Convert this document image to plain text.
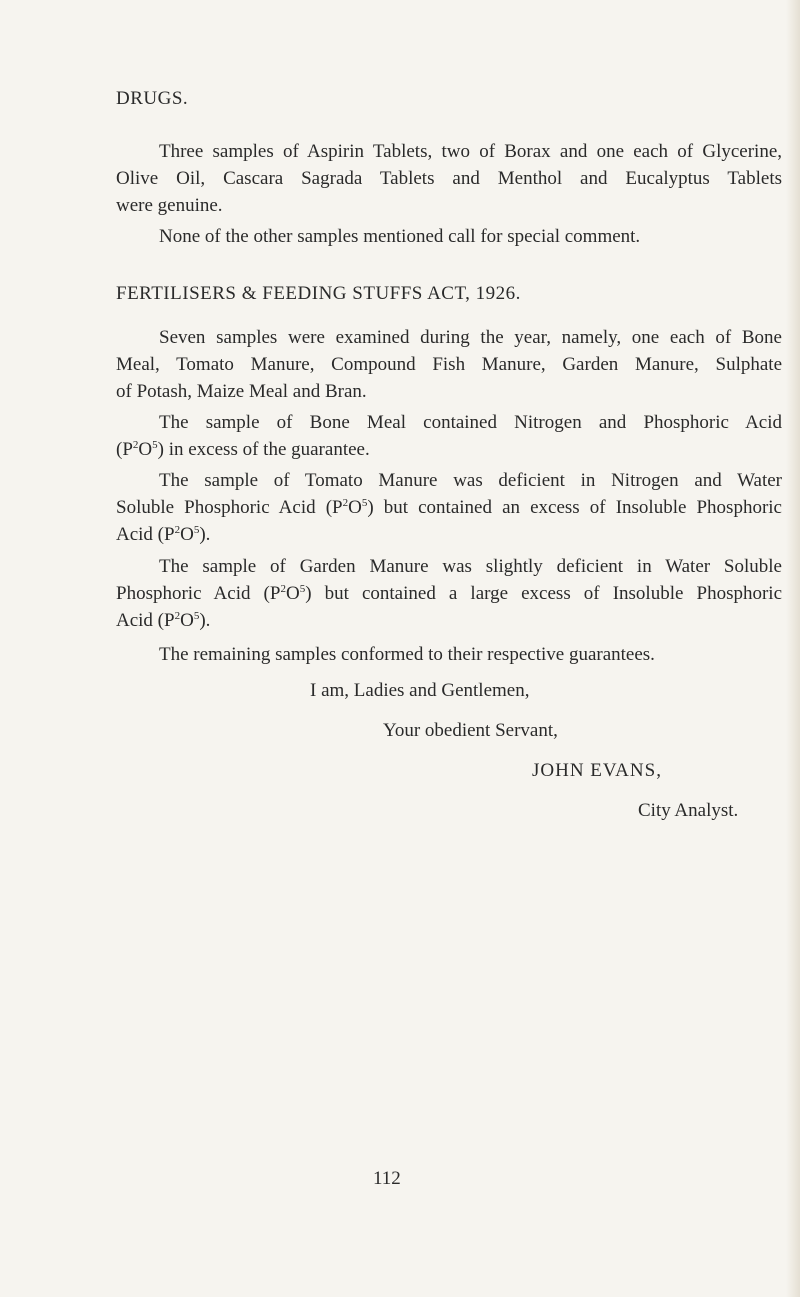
DRUGS.
Three samples of Aspirin Tablets, two of Borax and one each of Glycerine,
Olive Oil, Cascara Sagrada Tablets and Menthol and Eucalyptus Tablets
were genuine.
None of the other samples mentioned call for special comment.
FERTILISERS & FEEDING STUFFS ACT, 1926.
Seven samples were examined during the year, namely, one each of Bone
Meal, Tomato Manure, Compound Fish Manure, Garden Manure, Sulphate
of Potash, Maize Meal and Bran.
The sample of Bone Meal contained Nitrogen and Phosphoric Acid
$(P^2O^5)$ in excess of the guarantee.
The sample of Tomato Manure was deficient in Nitrogen and Water
Soluble Phosphoric Acid $(P^2O^5)$ but contained an excess of Insoluble Phosphoric
Acid $(P^2O^5)$.
The sample of Garden Manure was slightly deficient in Water Soluble
Phosphoric Acid $(P^2O^5)$ but contained a large excess of Insoluble Phosphoric
Acid $(P^2O^5)$.
The remaining samples conformed to their respective guarantees.
I am, Ladies and Gentlemen,
Your obedient Servant,
JOHN EVANS,
City Analyst.
112
